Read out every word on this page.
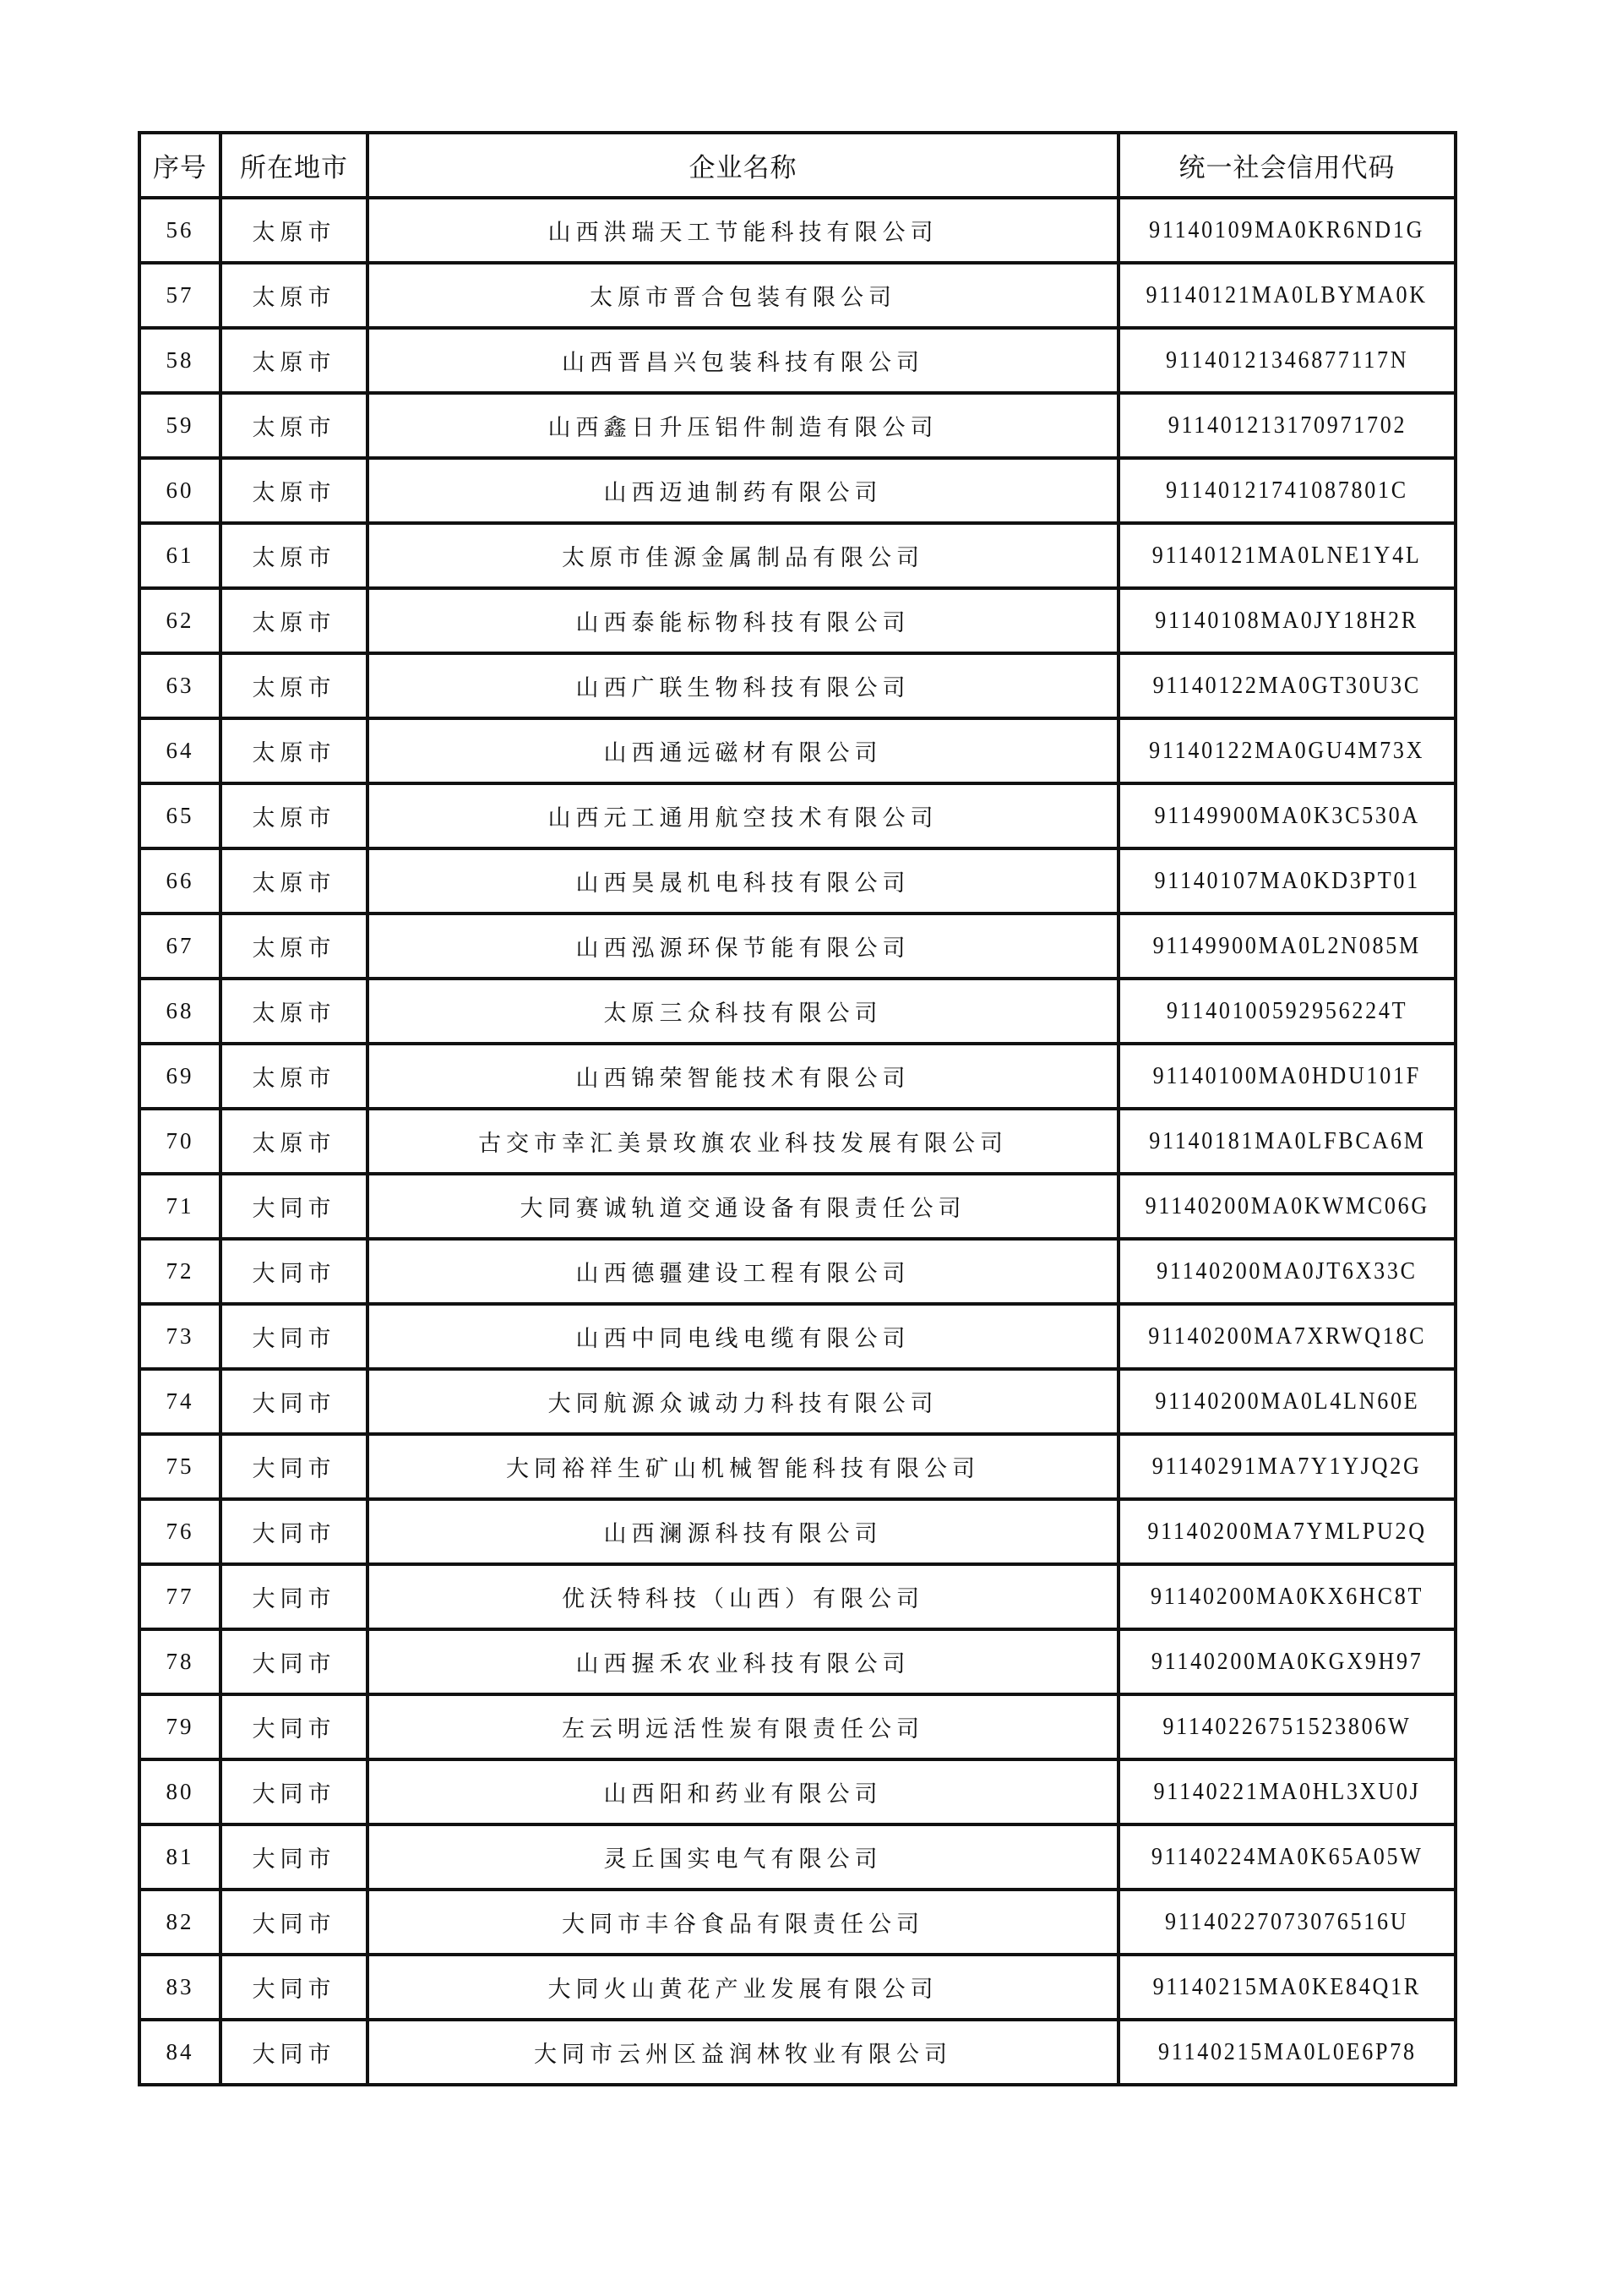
序号	所在地市	企业名称	统一社会信用代码
56	太原市	山西洪瑞天工节能科技有限公司	91140109MA0KR6ND1G
57	太原市	太原市晋合包装有限公司	91140121MA0LBYMA0K
58	太原市	山西晋昌兴包装科技有限公司	91140121346877117N
59	太原市	山西鑫日升压铝件制造有限公司	911401213170971702
60	太原市	山西迈迪制药有限公司	91140121741087801C
61	太原市	太原市佳源金属制品有限公司	91140121MA0LNE1Y4L
62	太原市	山西泰能标物科技有限公司	91140108MA0JY18H2R
63	太原市	山西广联生物科技有限公司	91140122MA0GT30U3C
64	太原市	山西通远磁材有限公司	91140122MA0GU4M73X
65	太原市	山西元工通用航空技术有限公司	91149900MA0K3C530A
66	太原市	山西昊晟机电科技有限公司	91140107MA0KD3PT01
67	太原市	山西泓源环保节能有限公司	91149900MA0L2N085M
68	太原市	太原三众科技有限公司	91140100592956224T
69	太原市	山西锦荣智能技术有限公司	91140100MA0HDU101F
70	太原市	古交市幸汇美景玫旗农业科技发展有限公司	91140181MA0LFBCA6M
71	大同市	大同赛诚轨道交通设备有限责任公司	91140200MA0KWMC06G
72	大同市	山西德疆建设工程有限公司	91140200MA0JT6X33C
73	大同市	山西中同电线电缆有限公司	91140200MA7XRWQ18C
74	大同市	大同航源众诚动力科技有限公司	91140200MA0L4LN60E
75	大同市	大同裕祥生矿山机械智能科技有限公司	91140291MA7Y1YJQ2G
76	大同市	山西澜源科技有限公司	91140200MA7YMLPU2Q
77	大同市	优沃特科技（山西）有限公司	91140200MA0KX6HC8T
78	大同市	山西握禾农业科技有限公司	91140200MA0KGX9H97
79	大同市	左云明远活性炭有限责任公司	91140226751523806W
80	大同市	山西阳和药业有限公司	91140221MA0HL3XU0J
81	大同市	灵丘国实电气有限公司	91140224MA0K65A05W
82	大同市	大同市丰谷食品有限责任公司	91140227073076516U
83	大同市	大同火山黄花产业发展有限公司	91140215MA0KE84Q1R
84	大同市	大同市云州区益润林牧业有限公司	91140215MA0L0E6P78
